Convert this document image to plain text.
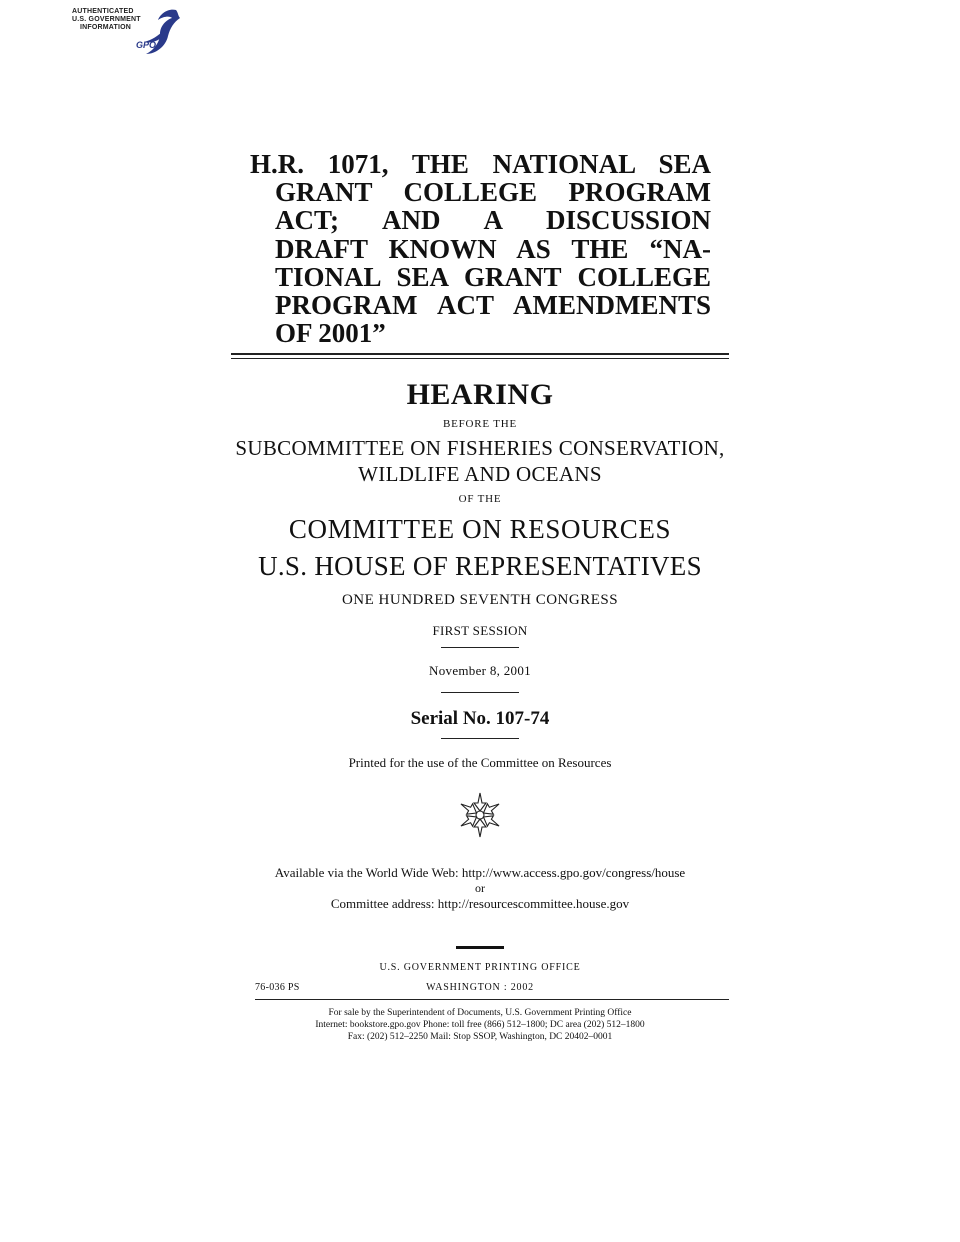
AUTHENTICATED
U.S. GOVERNMENT
INFORMATION
GPO
H.R. 1071, THE NATIONAL SEA
GRANT COLLEGE PROGRAM
ACT; AND A DISCUSSION
DRAFT KNOWN AS THE “NA-
TIONAL SEA GRANT COLLEGE
PROGRAM ACT AMENDMENTS
OF 2001”
HEARING
BEFORE THE
SUBCOMMITTEE ON FISHERIES CONSERVATION,
WILDLIFE AND OCEANS
OF THE
COMMITTEE ON RESOURCES
U.S. HOUSE OF REPRESENTATIVES
ONE HUNDRED SEVENTH CONGRESS
FIRST SESSION
November 8, 2001
Serial No. 107-74
Printed for the use of the Committee on Resources
Available via the World Wide Web: http://www.access.gpo.gov/congress/house
or
Committee address: http://resourcescommittee.house.gov
U.S. GOVERNMENT PRINTING OFFICE
76-036 PS	WASHINGTON : 2002
For sale by the Superintendent of Documents, U.S. Government Printing Office
Internet: bookstore.gpo.gov Phone: toll free (866) 512–1800; DC area (202) 512–1800
Fax: (202) 512–2250 Mail: Stop SSOP, Washington, DC 20402–0001
